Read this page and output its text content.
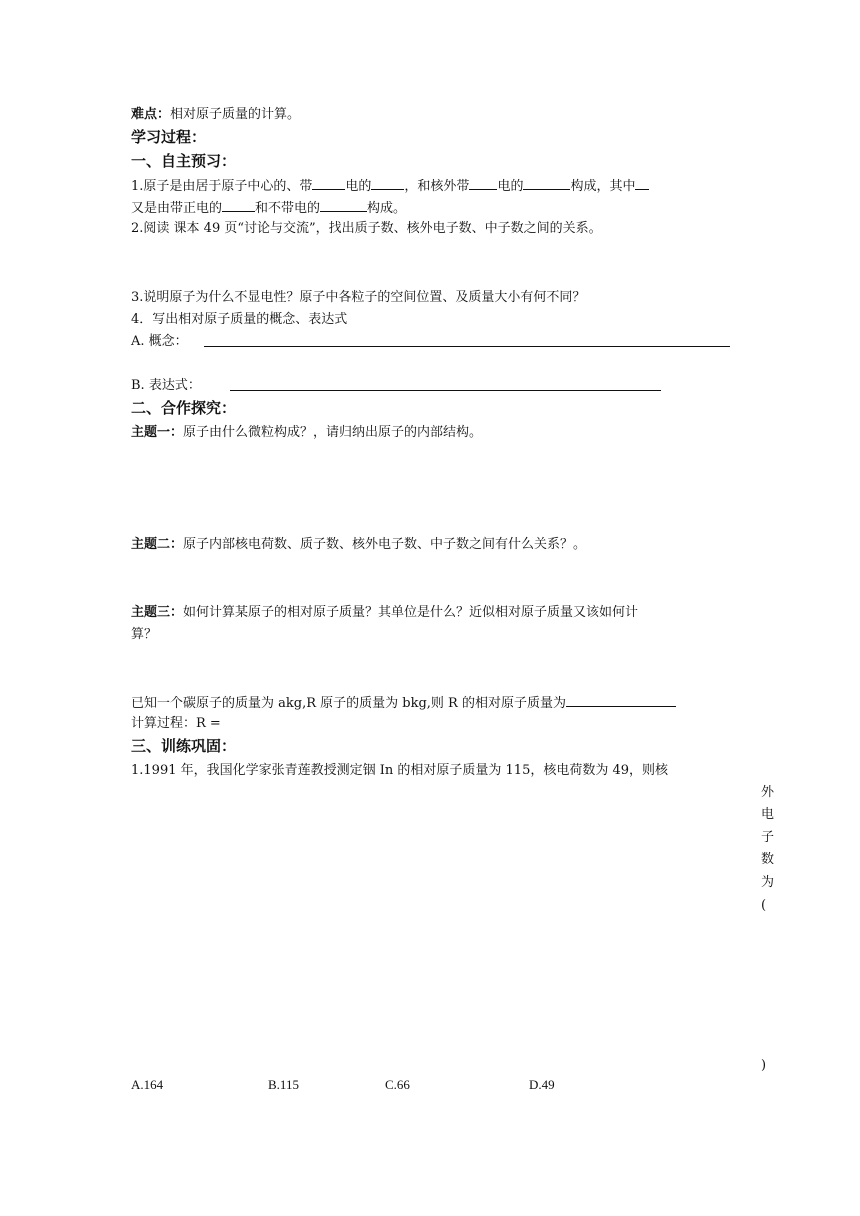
难点：相对原子质量的计算。
学习过程：
一、自主预习：
1.原子是由居于原子中心的、带	电的	，和核外带 电的	构成，其中
又是由带正电的	和不带电的	构成。
2.阅读 课本 49 页“讨论与交流”，找出质子数、核外电子数、中子数之间的关系。
3.说明原子为什么不显电性？原子中各粒子的空间位置、及质量大小有何不同？
4．写出相对原子质量的概念、表达式
A. 概念：
B. 表达式：
二、合作探究：
主题一：原子由什么微粒构成？，请归纳出原子的内部结构。
主题二：原子内部核电荷数、质子数、核外电子数、中子数之间有什么关系？。
主题三：如何计算某原子的相对原子质量？其单位是什么？近似相对原子质量又该如何计
算？
已知一个碳原子的质量为 akg,R 原子的质量为 bkg,则 R 的相对原子质量为
计算过程：R =
三、训练巩固：
1.1991 年，我国化学家张青莲教授测定铟 In 的相对原子质量为 115，核电荷数为 49，则核
外
电
子
数
为
(
)
A.164	B.115	C.66	D.49
